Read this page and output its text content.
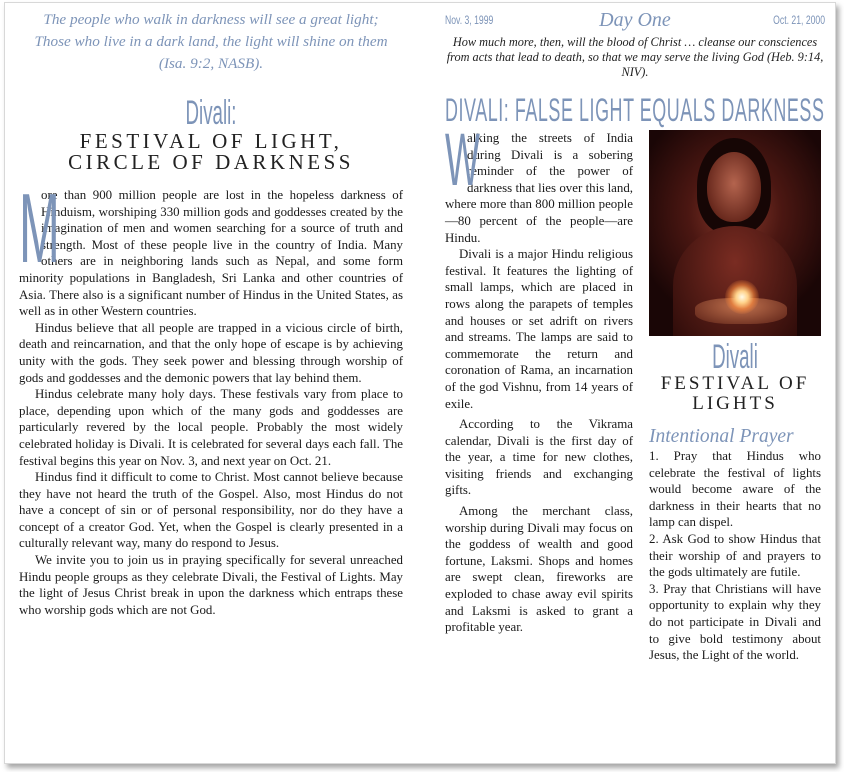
The people who walk in darkness will see a great light; Those who live in a dark land, the light will shine on them (Isa. 9:2, NASB).

Divali:
FESTIVAL OF LIGHT,
CIRCLE OF DARKNESS

M
ore than 900 million people are lost in the hopeless darkness of Hinduism, worshiping 330 million gods and goddesses created by the imagination of men and women searching for a source of truth and strength. Most of these people live in the country of India. Many others are in neighboring lands such as Nepal, and some form minority populations in Bangladesh, Sri Lanka and other countries of Asia. There also is a significant number of Hindus in the United States, as well as in other Western countries.

Hindus believe that all people are trapped in a vicious circle of birth, death and reincarnation, and that the only hope of escape is by achieving unity with the gods. They seek power and blessing through worship of gods and goddesses and the demonic powers that lay behind them.

Hindus celebrate many holy days. These festivals vary from place to place, depending upon which of the many gods and goddesses are particularly revered by the local people. Probably the most widely celebrated holiday is Divali. It is celebrated for several days each fall. The festival begins this year on Nov. 3, and next year on Oct. 21.

Hindus find it difficult to come to Christ. Most cannot believe because they have not heard the truth of the Gospel. Also, most Hindus do not have a concept of sin or of personal responsibility, nor do they have a concept of a creator God. Yet, when the Gospel is clearly presented in a culturally relevant way, many do respond to Jesus.

We invite you to join us in praying specifically for several unreached Hindu people groups as they celebrate Divali, the Festival of Lights. May the light of Jesus Christ break in upon the darkness which entraps these who worship gods which are not God.

Nov. 3, 1999	Day One	Oct. 21, 2000

How much more, then, will the blood of Christ … cleanse our consciences from acts that lead to death, so that we may serve the living God (Heb. 9:14, NIV).

DIVALI: FALSE LIGHT EQUALS DARKNESS

W
alking the streets of India during Divali is a sobering reminder of the power of darkness that lies over this land, where more than 800 million people—80 percent of the people—are Hindu.

Divali is a major Hindu religious festival. It features the lighting of small lamps, which are placed in rows along the parapets of temples and houses or set adrift on rivers and streams. The lamps are said to commemorate the return and coronation of Rama, an incarnation of the god Vishnu, from 14 years of exile.

According to the Vikrama calendar, Divali is the first day of the year, a time for new clothes, visiting friends and exchanging gifts.

Among the merchant class, worship during Divali may focus on the goddess of wealth and good fortune, Laksmi. Shops and homes are swept clean, fireworks are exploded to chase away evil spirits and Laksmi is asked to grant a profitable year.

Divali
FESTIVAL OF
LIGHTS
Intentional Prayer

1. Pray that Hindus who celebrate the festival of lights would become aware of the darkness in their hearts that no lamp can dispel.

2. Ask God to show Hindus that their worship of and prayers to the gods ultimately are futile.

3. Pray that Christians will have opportunity to explain why they do not participate in Divali and to give bold testimony about Jesus, the Light of the world.
